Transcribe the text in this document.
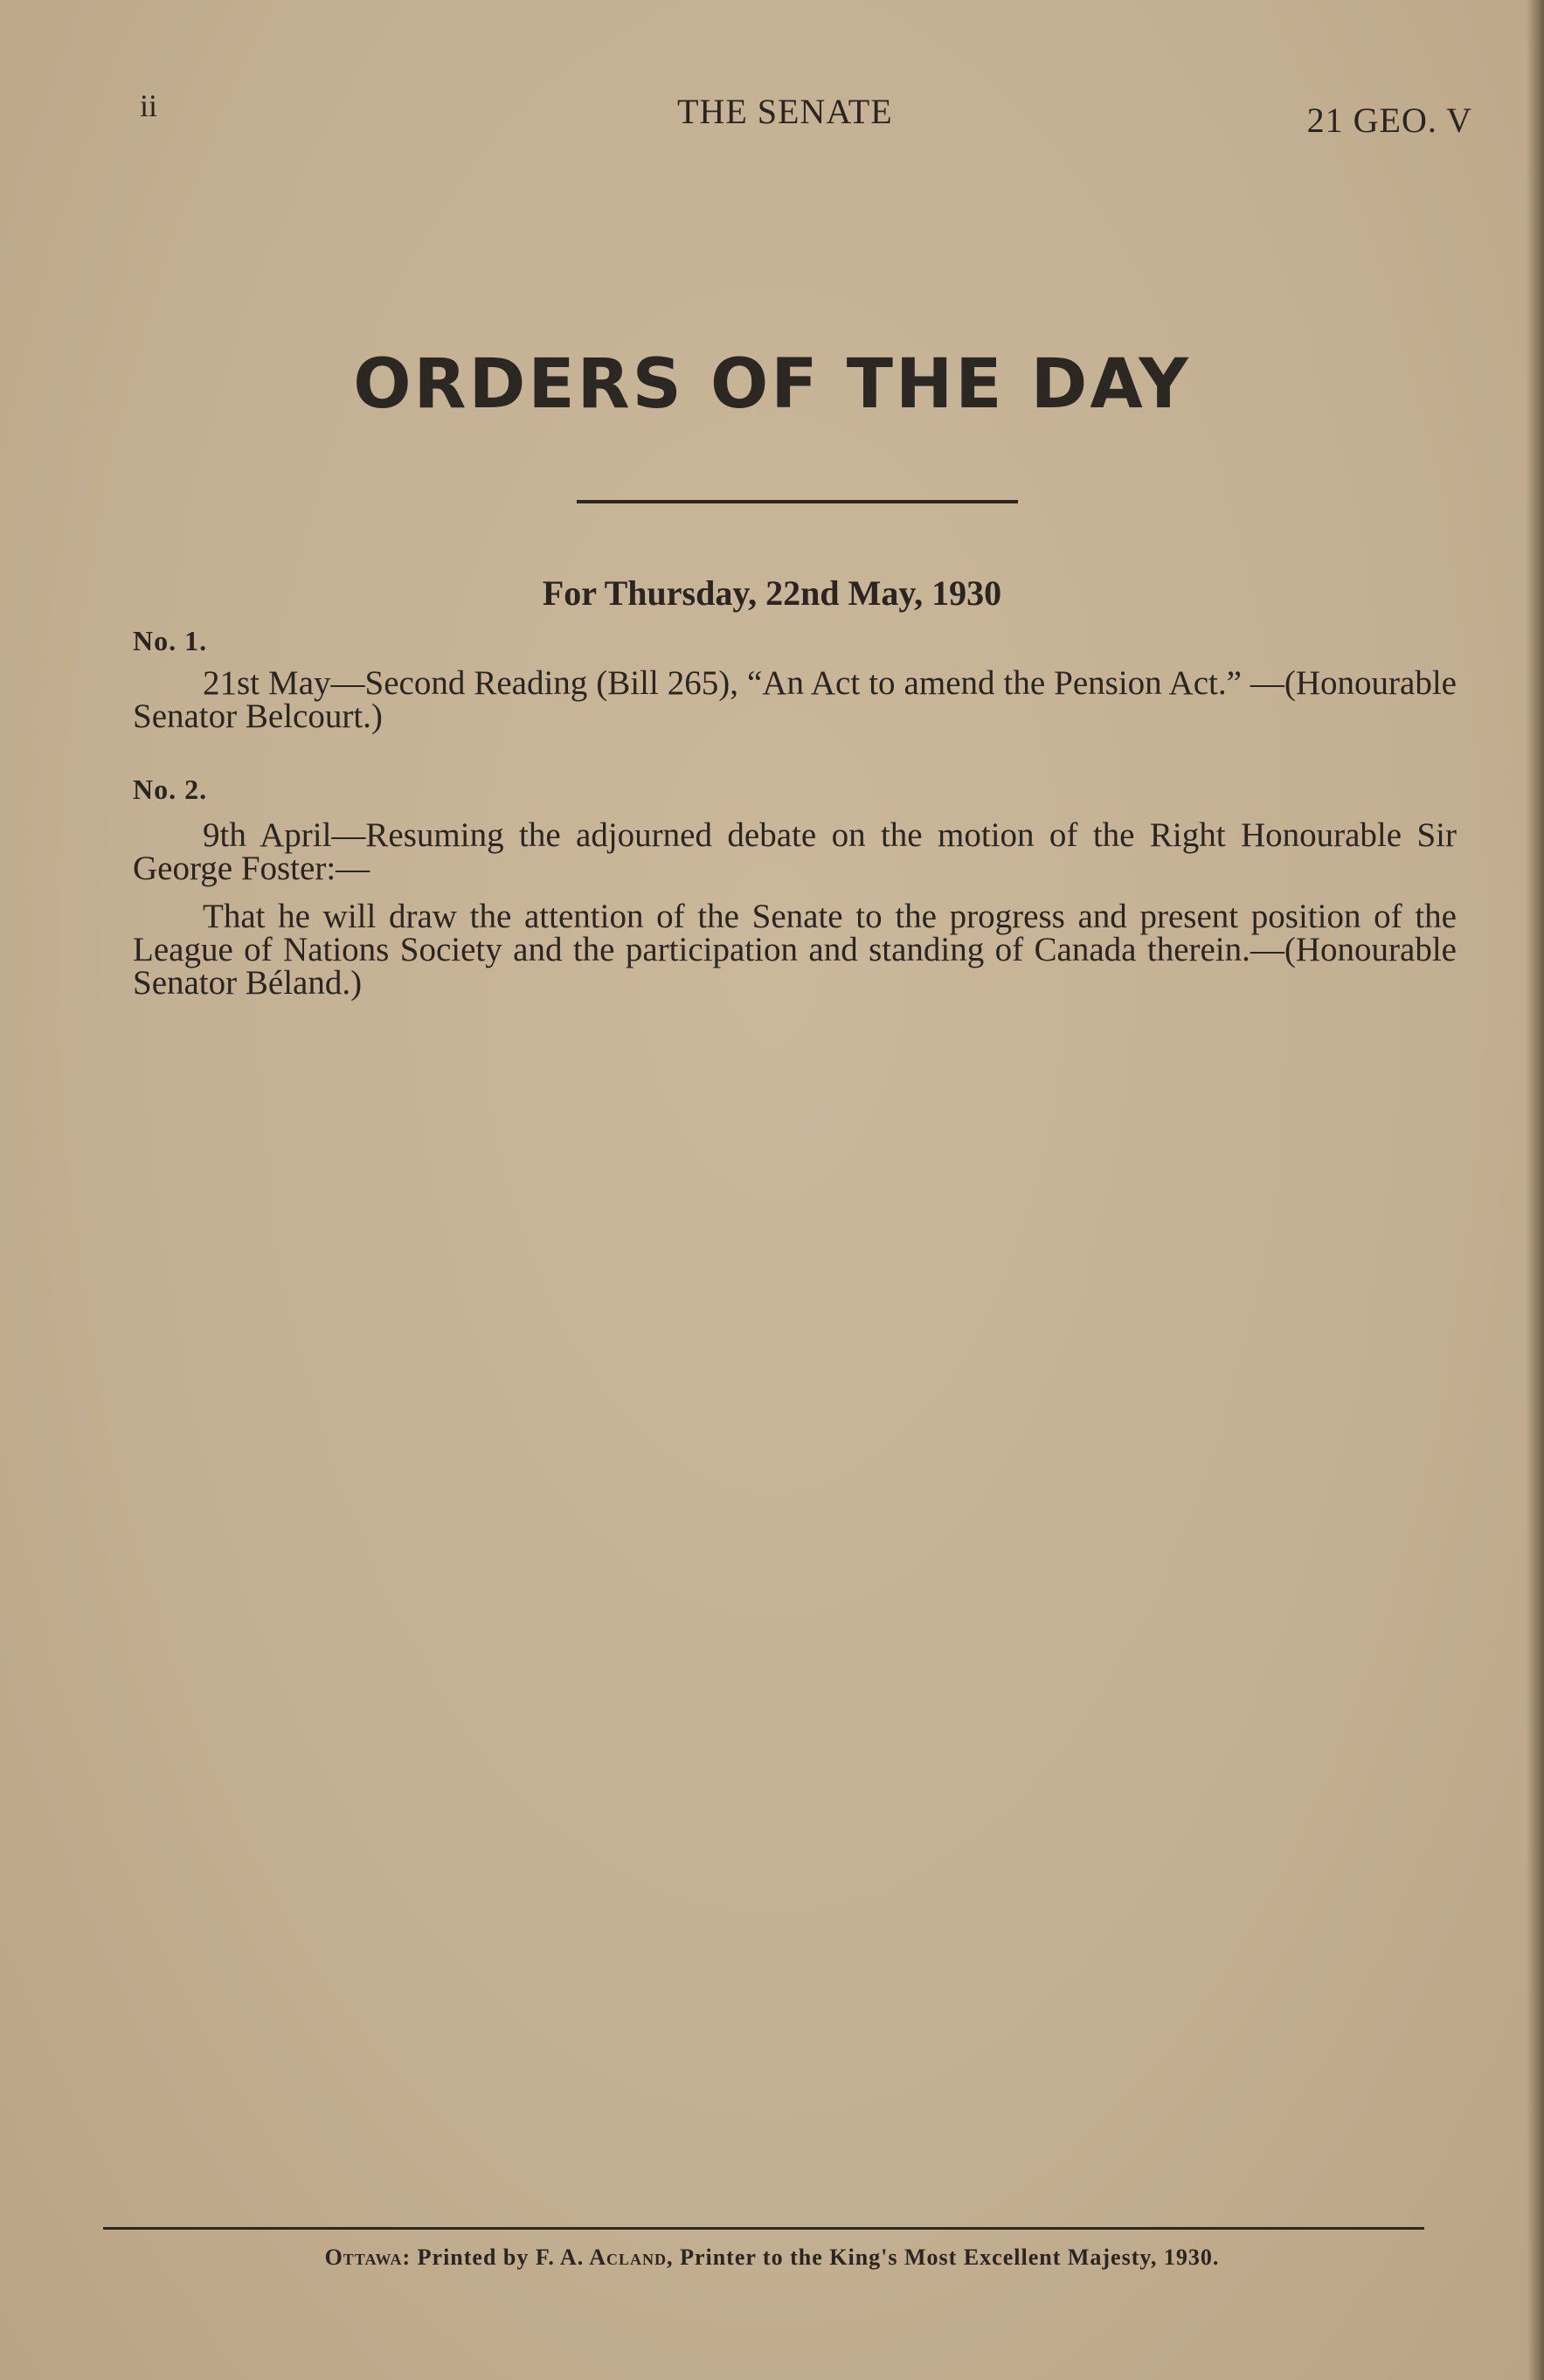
ii	THE SENATE	21 GEO. V
ORDERS OF THE DAY
For Thursday, 22nd May, 1930
No. 1.
21st May—Second Reading (Bill 265), “An Act to amend the Pension Act.” —(Honourable Senator Belcourt.)
No. 2.
9th April—Resuming the adjourned debate on the motion of the Right Honourable Sir George Foster:—
That he will draw the attention of the Senate to the progress and present position of the League of Nations Society and the participation and standing of Canada therein.—(Honourable Senator Béland.)
Ottawa: Printed by F. A. Acland, Printer to the King's Most Excellent Majesty, 1930.
